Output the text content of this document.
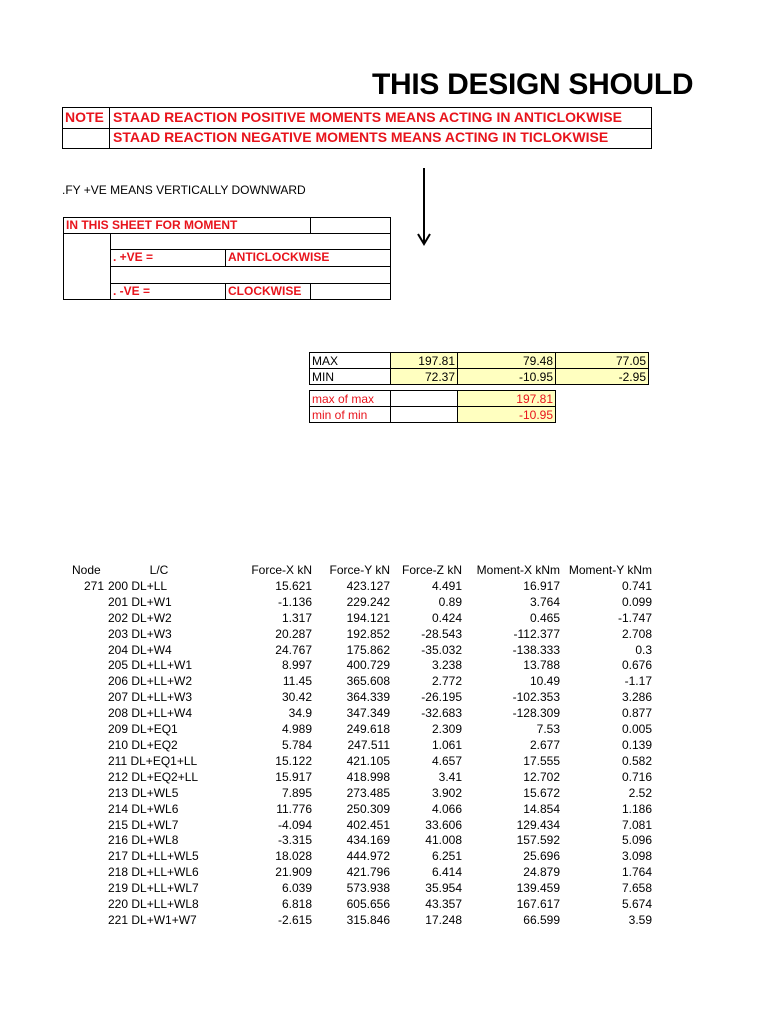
THIS DESIGN SHOULD
NOTE STAAD REACTION POSITIVE MOMENTS MEANS ACTING IN ANTICLOKWISE
STAAD REACTION NEGATIVE MOMENTS MEANS ACTING IN TICLOKWISE
.FY +VE MEANS VERTICALLY DOWNWARD
IN THIS SHEET FOR MOMENT
. +VE =	ANTICLOCKWISE
. -VE =	CLOCKWISE
MAX	197.81	79.48	77.05
MIN	72.37	-10.95	-2.95

max of max		197.81	
min of min		-10.95	
Node	L/C	Force-X kN	Force-Y kN	Force-Z kN	Moment-X kNm	Moment-Y kNm
271	200 DL+LL	15.621	423.127	4.491	16.917	0.741
	201 DL+W1	-1.136	229.242	0.89	3.764	0.099
	202 DL+W2	1.317	194.121	0.424	0.465	-1.747
	203 DL+W3	20.287	192.852	-28.543	-112.377	2.708
	204 DL+W4	24.767	175.862	-35.032	-138.333	0.3
	205 DL+LL+W1	8.997	400.729	3.238	13.788	0.676
	206 DL+LL+W2	11.45	365.608	2.772	10.49	-1.17
	207 DL+LL+W3	30.42	364.339	-26.195	-102.353	3.286
	208 DL+LL+W4	34.9	347.349	-32.683	-128.309	0.877
	209 DL+EQ1	4.989	249.618	2.309	7.53	0.005
	210 DL+EQ2	5.784	247.511	1.061	2.677	0.139
	211 DL+EQ1+LL	15.122	421.105	4.657	17.555	0.582
	212 DL+EQ2+LL	15.917	418.998	3.41	12.702	0.716
	213 DL+WL5	7.895	273.485	3.902	15.672	2.52
	214 DL+WL6	11.776	250.309	4.066	14.854	1.186
	215 DL+WL7	-4.094	402.451	33.606	129.434	7.081
	216 DL+WL8	-3.315	434.169	41.008	157.592	5.096
	217 DL+LL+WL5	18.028	444.972	6.251	25.696	3.098
	218 DL+LL+WL6	21.909	421.796	6.414	24.879	1.764
	219 DL+LL+WL7	6.039	573.938	35.954	139.459	7.658
	220 DL+LL+WL8	6.818	605.656	43.357	167.617	5.674
	221 DL+W1+W7	-2.615	315.846	17.248	66.599	3.59
